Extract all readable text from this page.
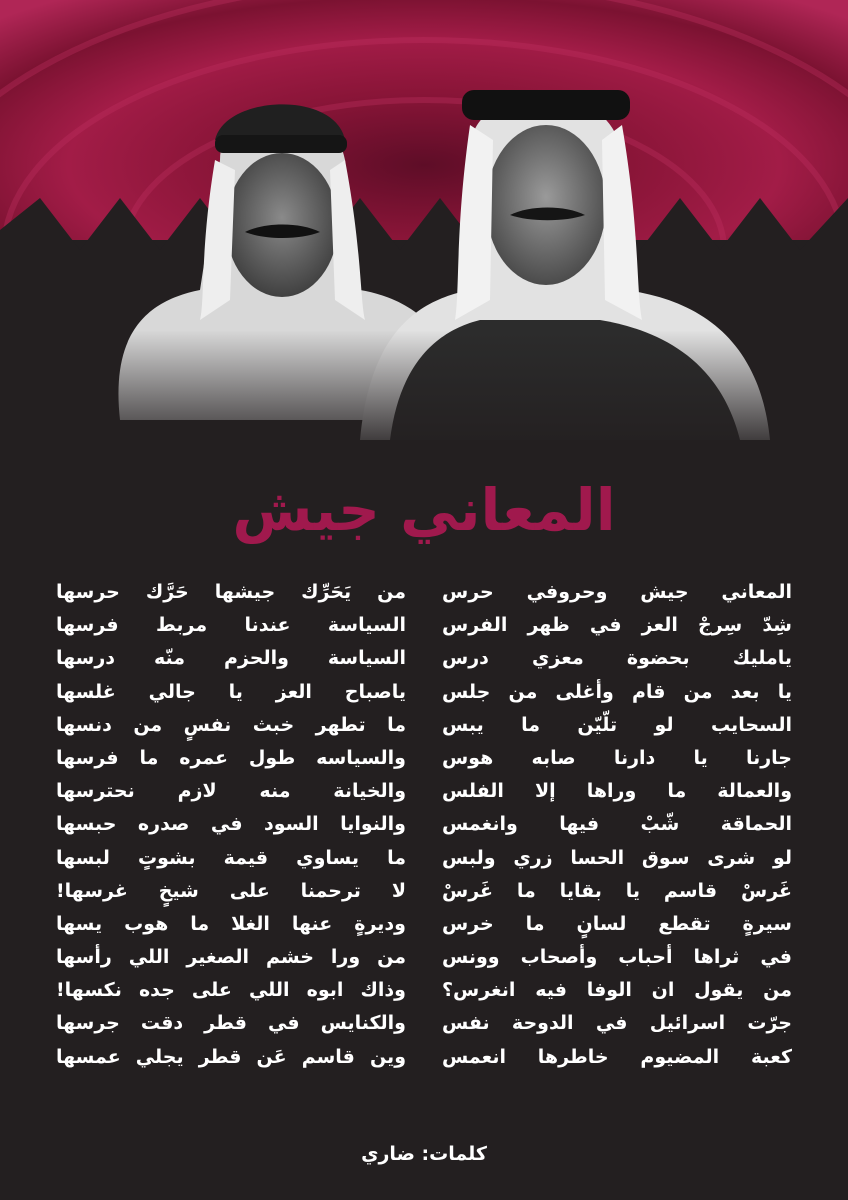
المعاني جيش
المعاني جيش وحروفي حرس
شِدّ سِرجْ العز في ظهر الفرس
يامليك بحضوة معزي درس
يا بعد من قام وأغلى من جلس
السحايب لو تلّيّن ما يبس
جارنا يا دارنا صابه هوس
والعمالة ما وراها إلا الفلس
الحماقة شّبْ فيها وانغمس
لو شرى سوق الحسا زري ولبس
غَرسْ قاسم يا بقايا ما غَرسْ
سيرةٍ تقطع لسانٍ ما خرس
في ثراها أحباب وأصحاب وونس
من يقول ان الوفا فيه انغرس؟
جرّت اسرائيل في الدوحة نفس
كعبة المضيوم خاطرها انعمس
من يَحَرِّك جيشها حَرَّك حرسها
السياسة عندنا مربط فرسها
السياسة والحزم منّه درسها
ياصباح العز يا جالي غلسها
ما تطهر خبث نفسٍ من دنسها
والسياسه طول عمره ما فرسها
والخيانة منه لازم نحترسها
والنوايا السود في صدره حبسها
ما يساوي قيمة بشوتٍ لبسها
لا ترحمنا على شيخٍ غرسها!
وديرةٍ عنها الغلا ما هوب يسها
من ورا خشم الصغير اللي رأسها
وذاك ابوه اللي على جده نكسها!
والكنايس في قطر دقت جرسها
وين قاسم عَن قطر يجلي عمسها
كلمات: ضاري
